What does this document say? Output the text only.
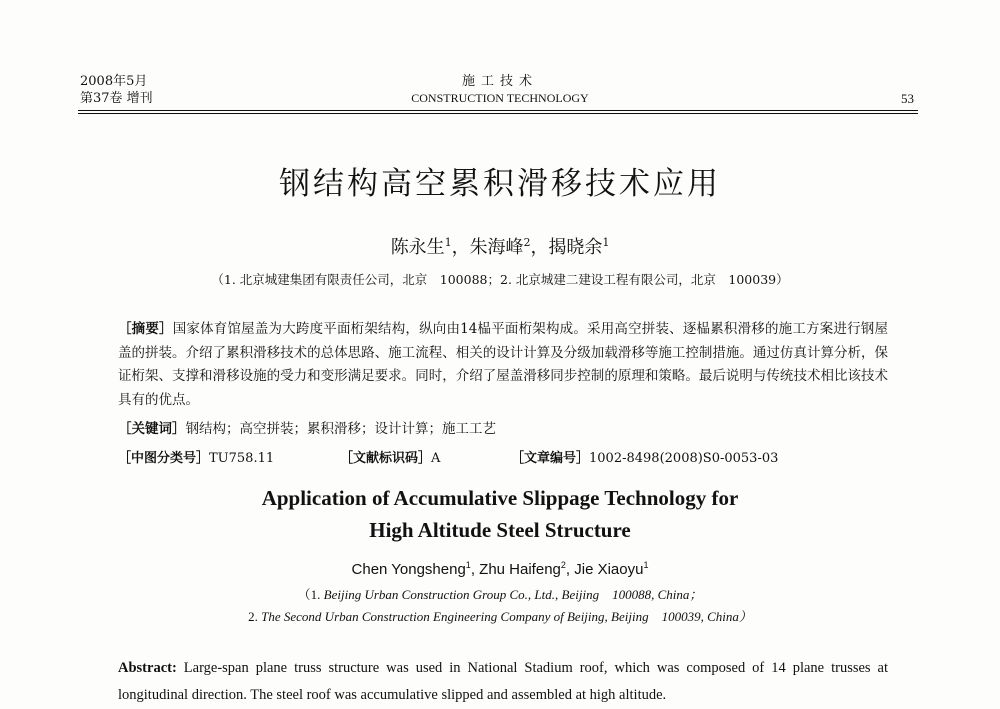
2008年5月
第37卷 增刊
施工技术
CONSTRUCTION TECHNOLOGY	53
钢结构高空累积滑移技术应用
陈永生$^1$，朱海峰$^2$，揭晓余$^1$
（1. 北京城建集团有限责任公司，北京　100088；2. 北京城建二建设工程有限公司，北京　100039）
［摘要］国家体育馆屋盖为大跨度平面桁架结构，纵向由14榀平面桁架构成。采用高空拼装、逐榀累积滑移的施工方案进行钢屋盖的拼装。介绍了累积滑移技术的总体思路、施工流程、相关的设计计算及分级加载滑移等施工控制措施。通过仿真计算分析，保证桁架、支撑和滑移设施的受力和变形满足要求。同时，介绍了屋盖滑移同步控制的原理和策略。最后说明与传统技术相比该技术具有的优点。
［关键词］钢结构；高空拼装；累积滑移；设计计算；施工工艺
［中图分类号］TU758.11	［文献标识码］A	［文章编号］1002-8498(2008)S0-0053-03
Application of Accumulative Slippage Technology for
High Altitude Steel Structure
Chen Yongsheng$^1$, Zhu Haifeng$^2$, Jie Xiaoyu$^1$
（1. Beijing Urban Construction Group Co., Ltd., Beijing　100088, China；
2. The Second Urban Construction Engineering Company of Beijing, Beijing　100039, China）
Abstract: Large-span plane truss structure was used in National Stadium roof, which was composed of 14 plane trusses at longitudinal direction. The steel roof was accumulative slipped and assembled at high altitude.
